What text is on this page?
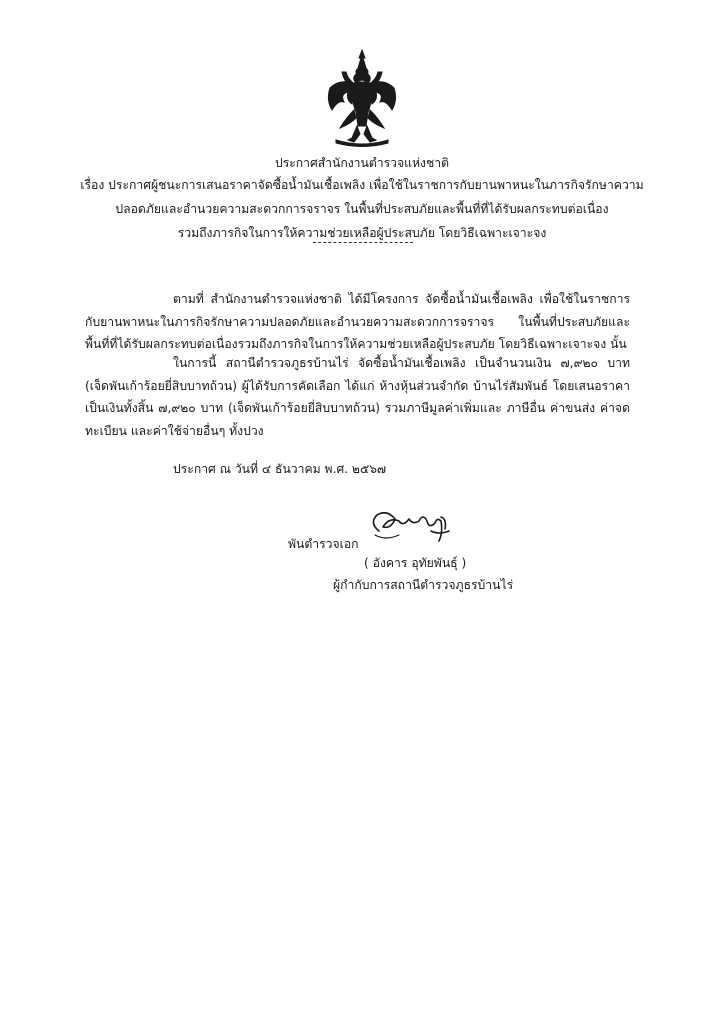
ประกาศสำนักงานตำรวจแห่งชาติ
เรื่อง ประกาศผู้ชนะการเสนอราคาจัดซื้อน้ำมันเชื้อเพลิง เพื่อใช้ในราชการกับยานพาหนะในภารกิจรักษาความ
ปลอดภัยและอำนวยความสะดวกการจราจร ในพื้นที่ประสบภัยและพื้นที่ที่ได้รับผลกระทบต่อเนื่อง
รวมถึงภารกิจในการให้ความช่วยเหลือผู้ประสบภัย โดยวิธีเฉพาะเจาะจง
ตามที่ สำนักงานตำรวจแห่งชาติ ได้มีโครงการ จัดซื้อน้ำมันเชื้อเพลิง เพื่อใช้ในราชการกับยานพาหนะในภารกิจรักษาความปลอดภัยและอำนวยความสะดวกการจราจร ในพื้นที่ประสบภัยและพื้นที่ที่ได้รับผลกระทบต่อเนื่องรวมถึงภารกิจในการให้ความช่วยเหลือผู้ประสบภัย โดยวิธีเฉพาะเจาะจง นั้น
ในการนี้ สถานีตำรวจภูธรบ้านไร่ จัดซื้อน้ำมันเชื้อเพลิง เป็นจำนวนเงิน ๗,๙๒๐ บาท (เจ็ดพันเก้าร้อยยี่สิบบาทถ้วน) ผู้ได้รับการคัดเลือก ได้แก่ ห้างหุ้นส่วนจำกัด บ้านไร่สัมพันธ์ โดยเสนอราคา เป็นเงินทั้งสิ้น ๗,๙๒๐ บาท (เจ็ดพันเก้าร้อยยี่สิบบาทถ้วน) รวมภาษีมูลค่าเพิ่มและ ภาษีอื่น ค่าขนส่ง ค่าจดทะเบียน และค่าใช้จ่ายอื่นๆ ทั้งปวง
ประกาศ ณ วันที่ ๔ ธันวาคม พ.ศ. ๒๕๖๗
พันตำรวจเอก
( อังคาร อุทัยพันธุ์ )
ผู้กำกับการสถานีตำรวจภูธรบ้านไร่
